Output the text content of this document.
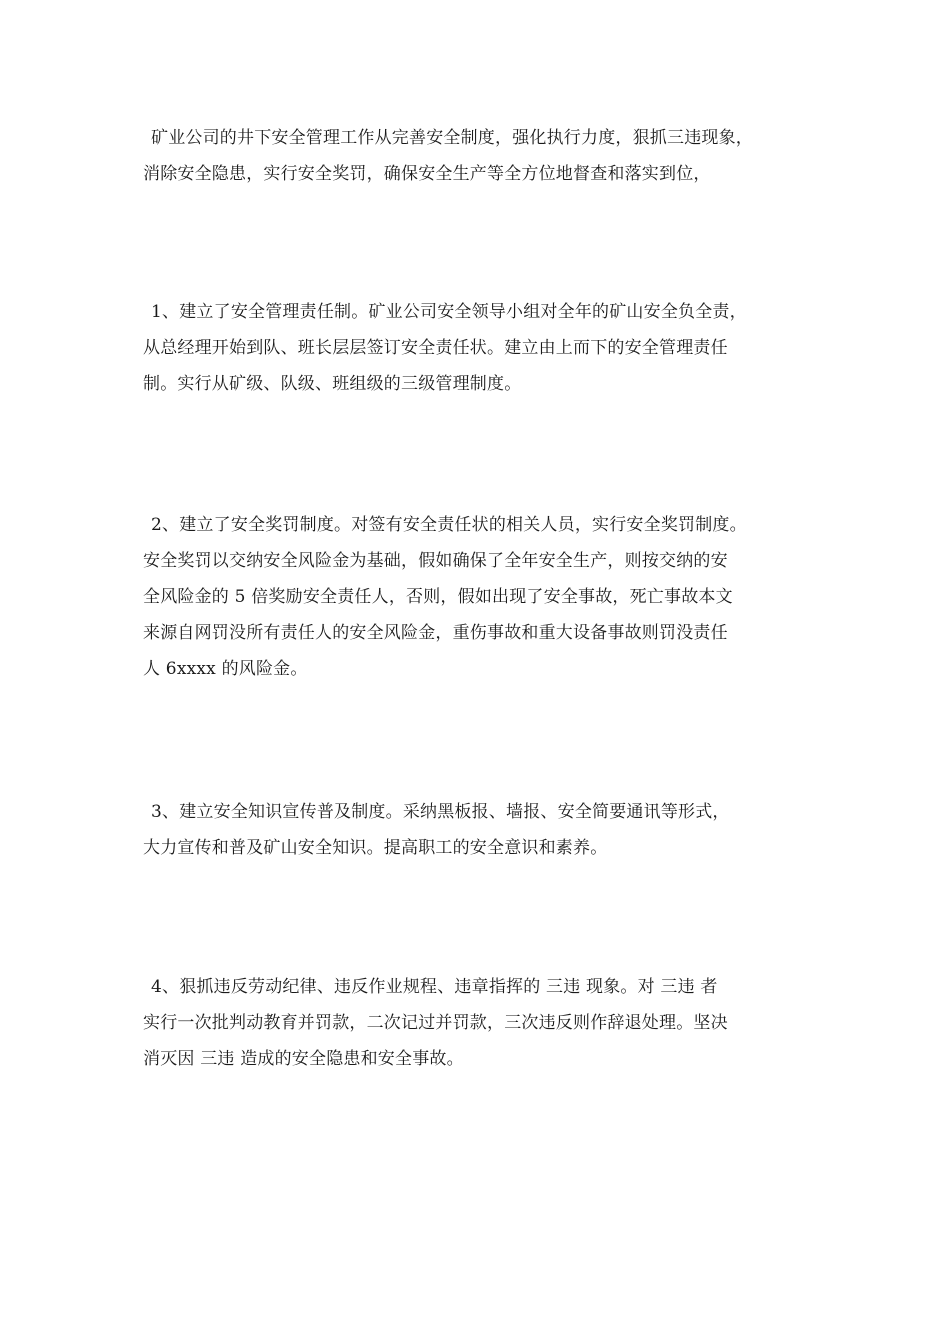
矿业公司的井下安全管理工作从完善安全制度，强化执行力度，狠抓三违现象，
消除安全隐患，实行安全奖罚，确保安全生产等全方位地督查和落实到位，
1、建立了安全管理责任制。矿业公司安全领导小组对全年的矿山安全负全责，
从总经理开始到队、班长层层签订安全责任状。建立由上而下的安全管理责任
制。实行从矿级、队级、班组级的三级管理制度。
2、建立了安全奖罚制度。对签有安全责任状的相关人员，实行安全奖罚制度。
安全奖罚以交纳安全风险金为基础，假如确保了全年安全生产，则按交纳的安
全风险金的 5 倍奖励安全责任人，否则，假如出现了安全事故，死亡事故本文
来源自网罚没所有责任人的安全风险金，重伤事故和重大设备事故则罚没责任
人 6xxxx 的风险金。
3、建立安全知识宣传普及制度。采纳黑板报、墙报、安全简要通讯等形式，
大力宣传和普及矿山安全知识。提高职工的安全意识和素养。
4、狠抓违反劳动纪律、违反作业规程、违章指挥的 三违 现象。对 三违 者
实行一次批判动教育并罚款，二次记过并罚款，三次违反则作辞退处理。坚决
消灭因 三违 造成的安全隐患和安全事故。
